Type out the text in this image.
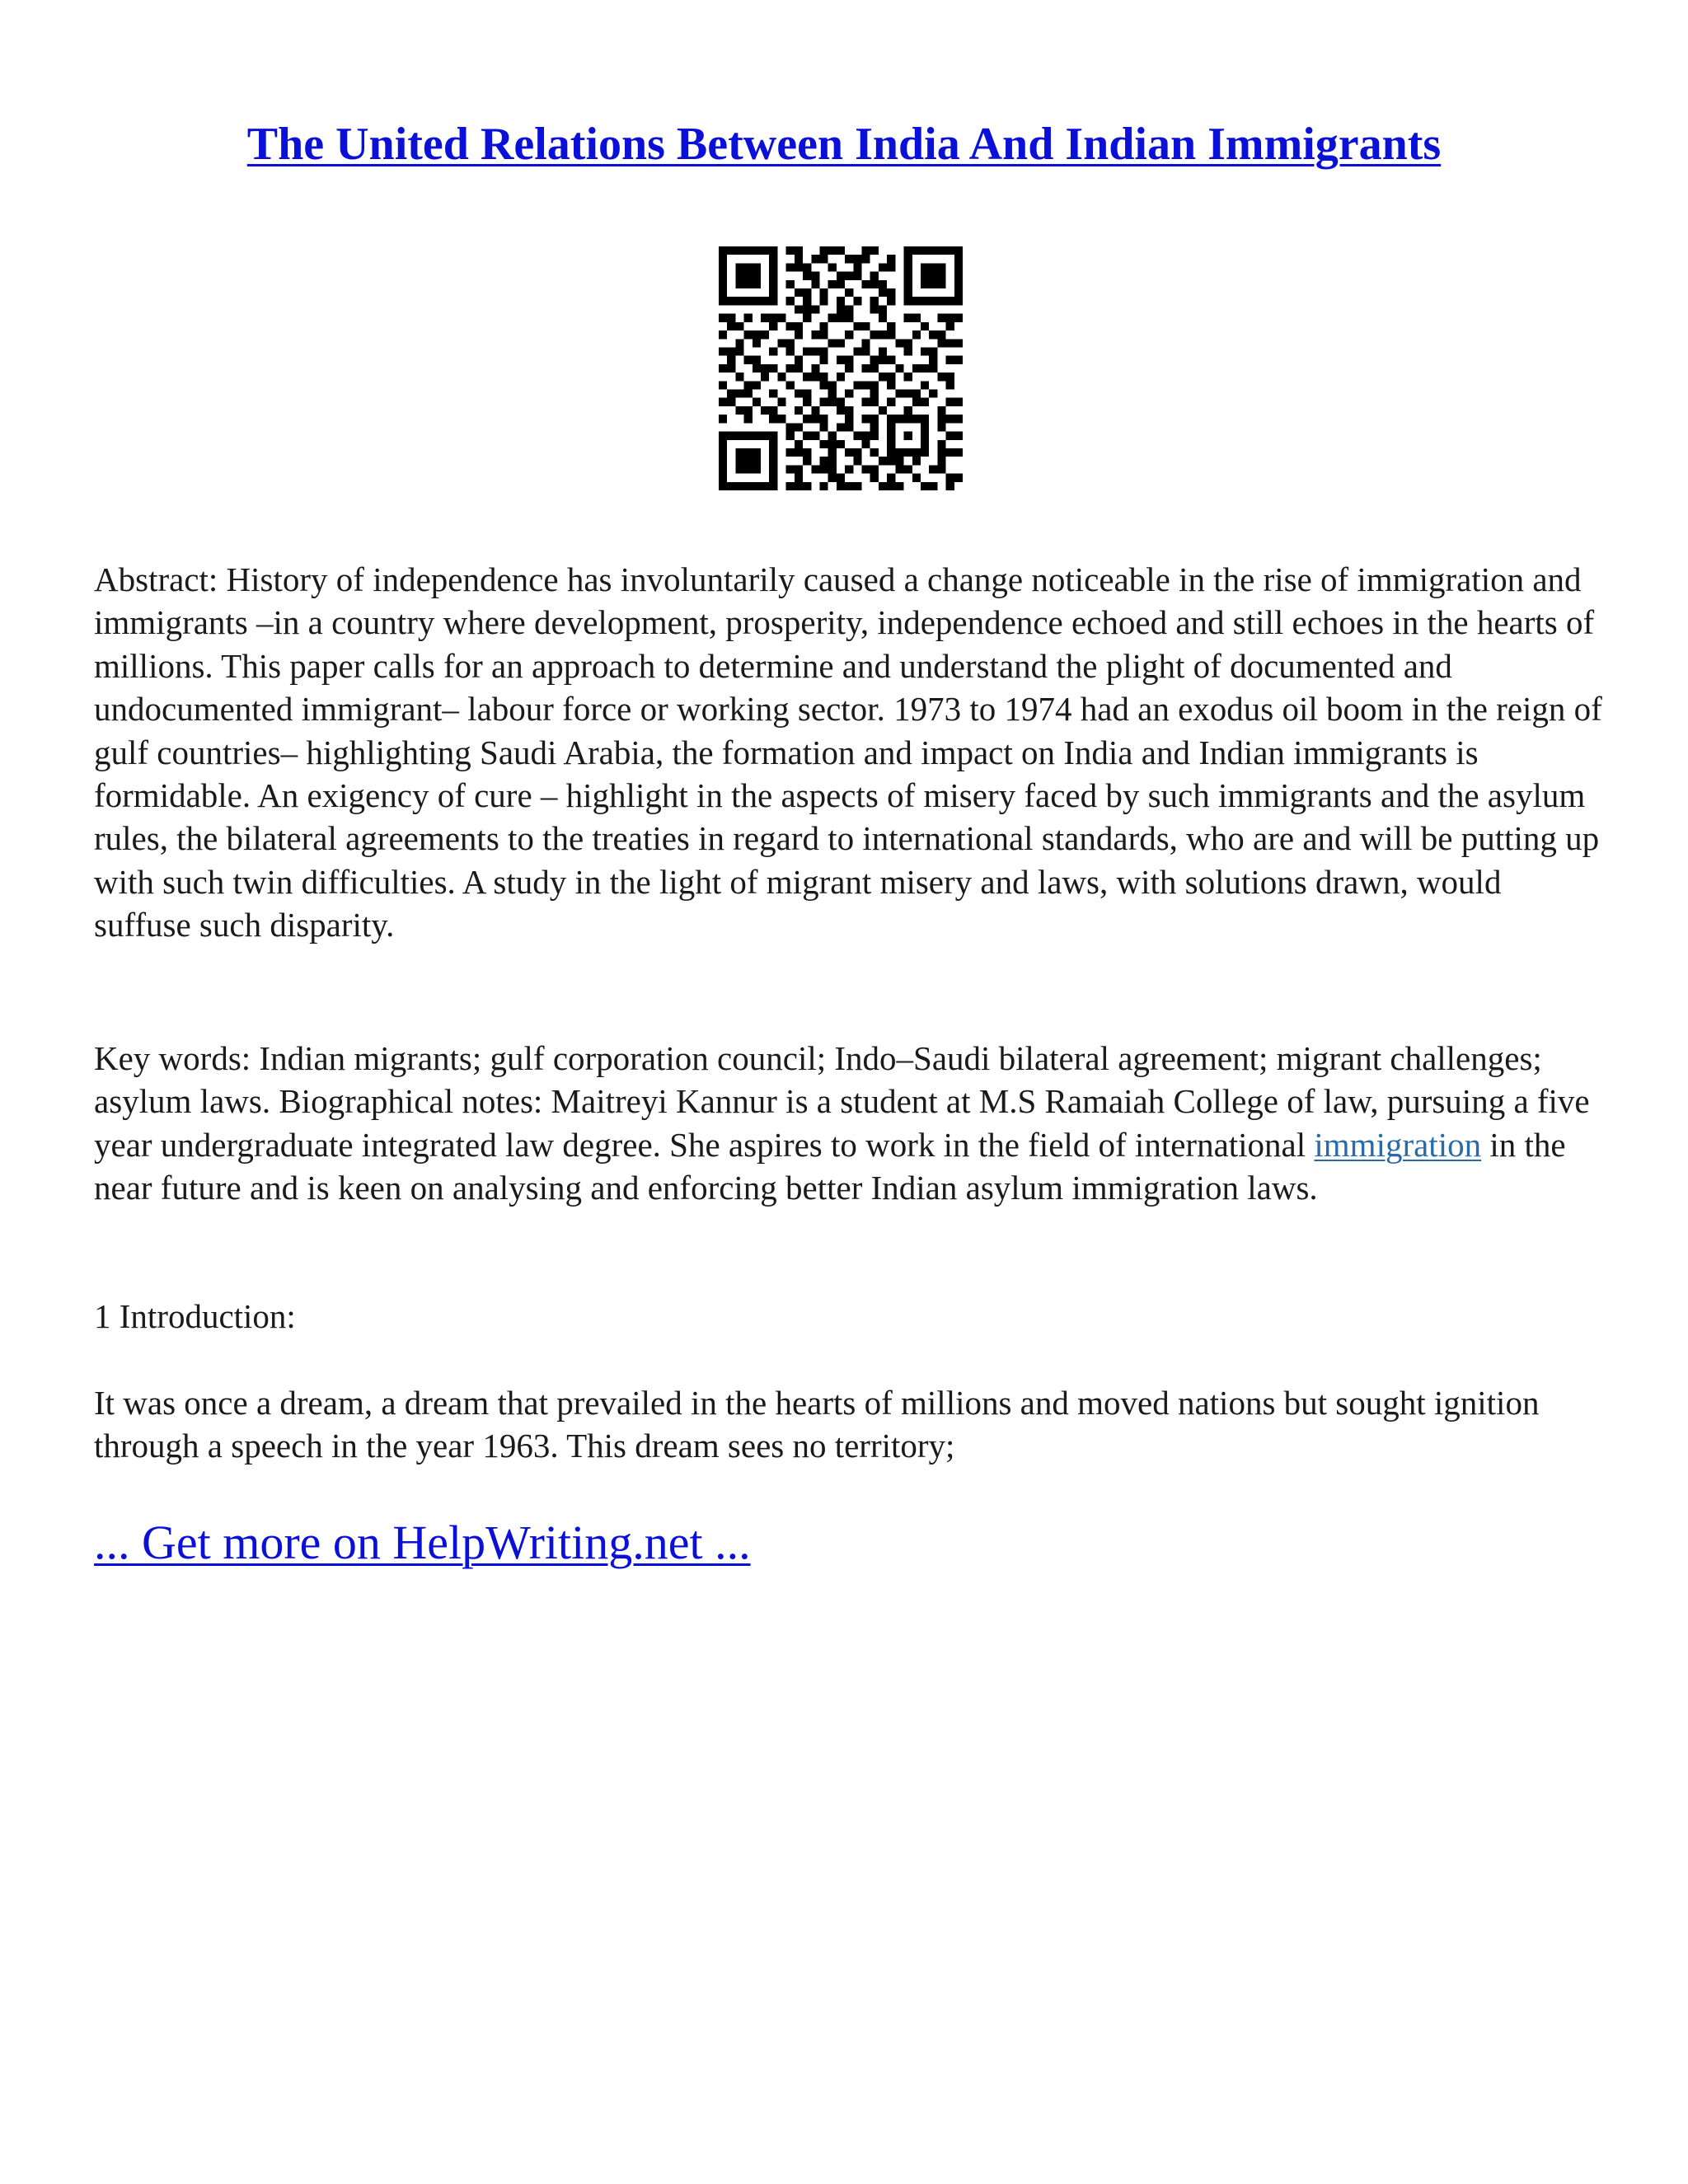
The United Relations Between India And Indian Immigrants

Abstract: History of independence has involuntarily caused a change noticeable in the rise of immigration and immigrants –in a country where development, prosperity, independence echoed and still echoes in the hearts of millions. This paper calls for an approach to determine and understand the plight of documented and undocumented immigrant– labour force or working sector. 1973 to 1974 had an exodus oil boom in the reign of gulf countries– highlighting Saudi Arabia, the formation and impact on India and Indian immigrants is formidable. An exigency of cure – highlight in the aspects of misery faced by such immigrants and the asylum rules, the bilateral agreements to the treaties in regard to international standards, who are and will be putting up with such twin difficulties. A study in the light of migrant misery and laws, with solutions drawn, would suffuse such disparity.

Key words: Indian migrants; gulf corporation council; Indo–Saudi bilateral agreement; migrant challenges; asylum laws. Biographical notes: Maitreyi Kannur is a student at M.S Ramaiah College of law, pursuing a five year undergraduate integrated law degree. She aspires to work in the field of international immigration in the near future and is keen on analysing and enforcing better Indian asylum immigration laws.

1 Introduction:

It was once a dream, a dream that prevailed in the hearts of millions and moved nations but sought ignition through a speech in the year 1963. This dream sees no territory;

... Get more on HelpWriting.net ...
